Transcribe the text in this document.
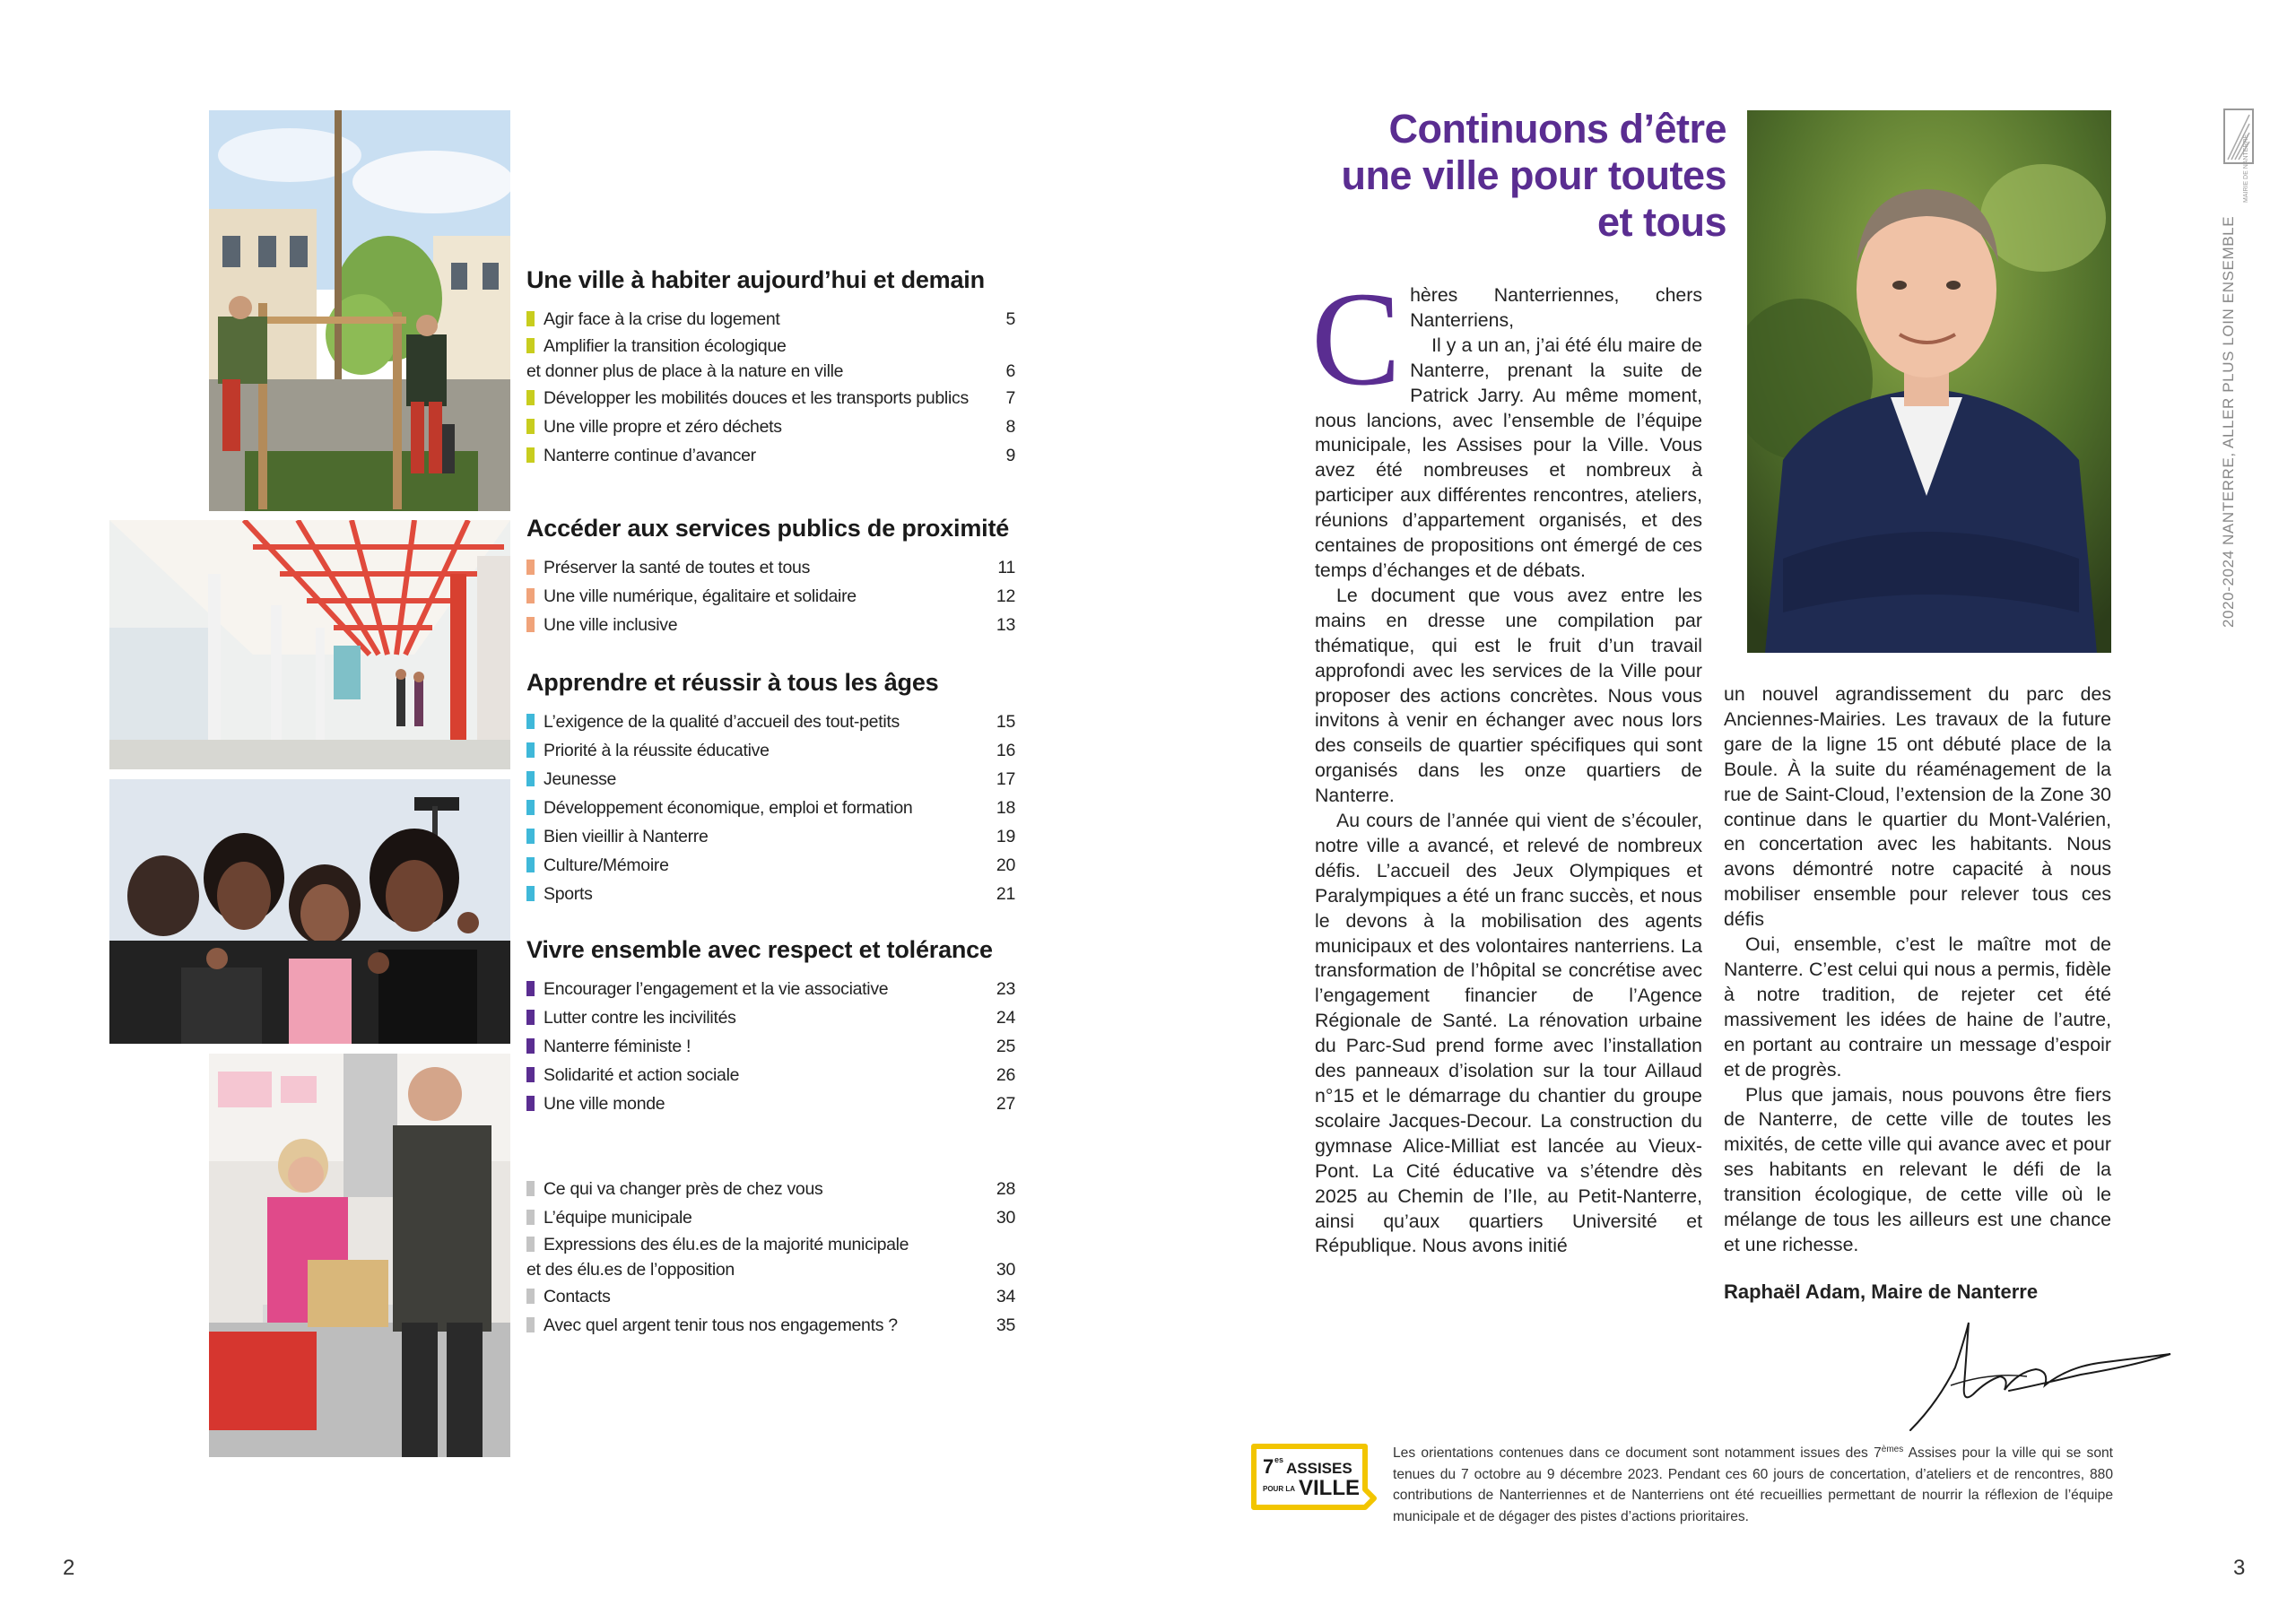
Une ville à habiter aujourd’hui et demain
Agir face à la crise du logement	5
Amplifier la transition écologique
et donner plus de place à la nature en ville	6
Développer les mobilités douces et les transports publics	7
Une ville propre et zéro déchets	8
Nanterre continue d’avancer	9
Accéder aux services publics de proximité
Préserver la santé de toutes et tous	11
Une ville numérique, égalitaire et solidaire	12
Une ville inclusive	13
Apprendre et réussir à tous les âges
L’exigence de la qualité d’accueil des tout-petits	15
Priorité à la réussite éducative	16
Jeunesse	17
Développement économique, emploi et formation	18
Bien vieillir à Nanterre	19
Culture/Mémoire	20
Sports	21
Vivre ensemble avec respect et tolérance
Encourager l’engagement et la vie associative	23
Lutter contre les incivilités	24
Nanterre féministe !	25
Solidarité et action sociale	26
Une ville monde	27
Ce qui va changer près de chez vous	28
L’équipe municipale	30
Expressions des élu.es de la majorité municipale
et des élu.es de l’opposition	30
Contacts	34
Avec quel argent tenir tous nos engagements ?	35
2
Continuons d’être
une ville pour toutes
et tous
C hères Nanterriennes, chers Nanterriens,

Il y a un an, j’ai été élu maire de Nanterre, prenant la suite de Patrick Jarry. Au même moment, nous lancions, avec l’ensemble de l’équipe municipale, les Assises pour la Ville. Vous avez été nombreuses et nombreux à participer aux différentes rencontres, ateliers, réunions d’appartement organisés, et des centaines de propositions ont émergé de ces temps d’échanges et de débats.

Le document que vous avez entre les mains en dresse une compilation par thématique, qui est le fruit d’un travail approfondi avec les services de la Ville pour proposer des actions concrètes. Nous vous invitons à venir en échanger avec nous lors des conseils de quartier spécifiques qui sont organisés dans les onze quartiers de Nanterre.

Au cours de l’année qui vient de s’écouler, notre ville a avancé, et relevé de nombreux défis. L’accueil des Jeux Olympiques et Paralympiques a été un franc succès, et nous le devons à la mobilisation des agents municipaux et des volontaires nanterriens. La transformation de l’hôpital se concrétise avec l’engagement financier de l’Agence Régionale de Santé. La rénovation urbaine du Parc-Sud prend forme avec l’installation des panneaux d’isolation sur la tour Aillaud n°15 et le démarrage du chantier du groupe scolaire Jacques-Decour. La construction du gymnase Alice-Milliat est lancée au Vieux-Pont. La Cité éducative va s’étendre dès 2025 au Chemin de l’Ile, au Petit-Nanterre, ainsi qu’aux quartiers Université et République. Nous avons initié

un nouvel agrandissement du parc des Anciennes-Mairies. Les travaux de la future gare de la ligne 15 ont débuté place de la Boule. À la suite du réaménagement de la rue de Saint-Cloud, l’extension de la Zone 30 continue dans le quartier du Mont-Valérien, en concertation avec les habitants. Nous avons démontré notre capacité à nous mobiliser ensemble pour relever tous ces défis

Oui, ensemble, c’est le maître mot de Nanterre. C’est celui qui nous a permis, fidèle à notre tradition, de rejeter cet été massivement les idées de haine de l’autre, en portant au contraire un message d’espoir et de progrès.

Plus que jamais, nous pouvons être fiers de Nanterre, de cette ville de toutes les mixités, de cette ville qui avance avec et pour ses habitants en relevant le défi de la transition écologique, de cette ville où le mélange de tous les ailleurs est une chance et une richesse.

Raphaël Adam, Maire de Nanterre
2020-2024 NANTERRE, ALLER PLUS LOIN ENSEMBLE
MAIRIE DE NANTERRE
7 es ASSISES
POUR LA VILLE
Les orientations contenues dans ce document sont notamment issues des 7èmes Assises pour la ville qui se sont tenues du 7 octobre au 9 décembre 2023. Pendant ces 60 jours de concertation, d’ateliers et de rencontres, 880 contributions de Nanterriennes et de Nanterriens ont été recueillies permettant de nourrir la réflexion de l’équipe municipale et de dégager des pistes d’actions prioritaires.
3
